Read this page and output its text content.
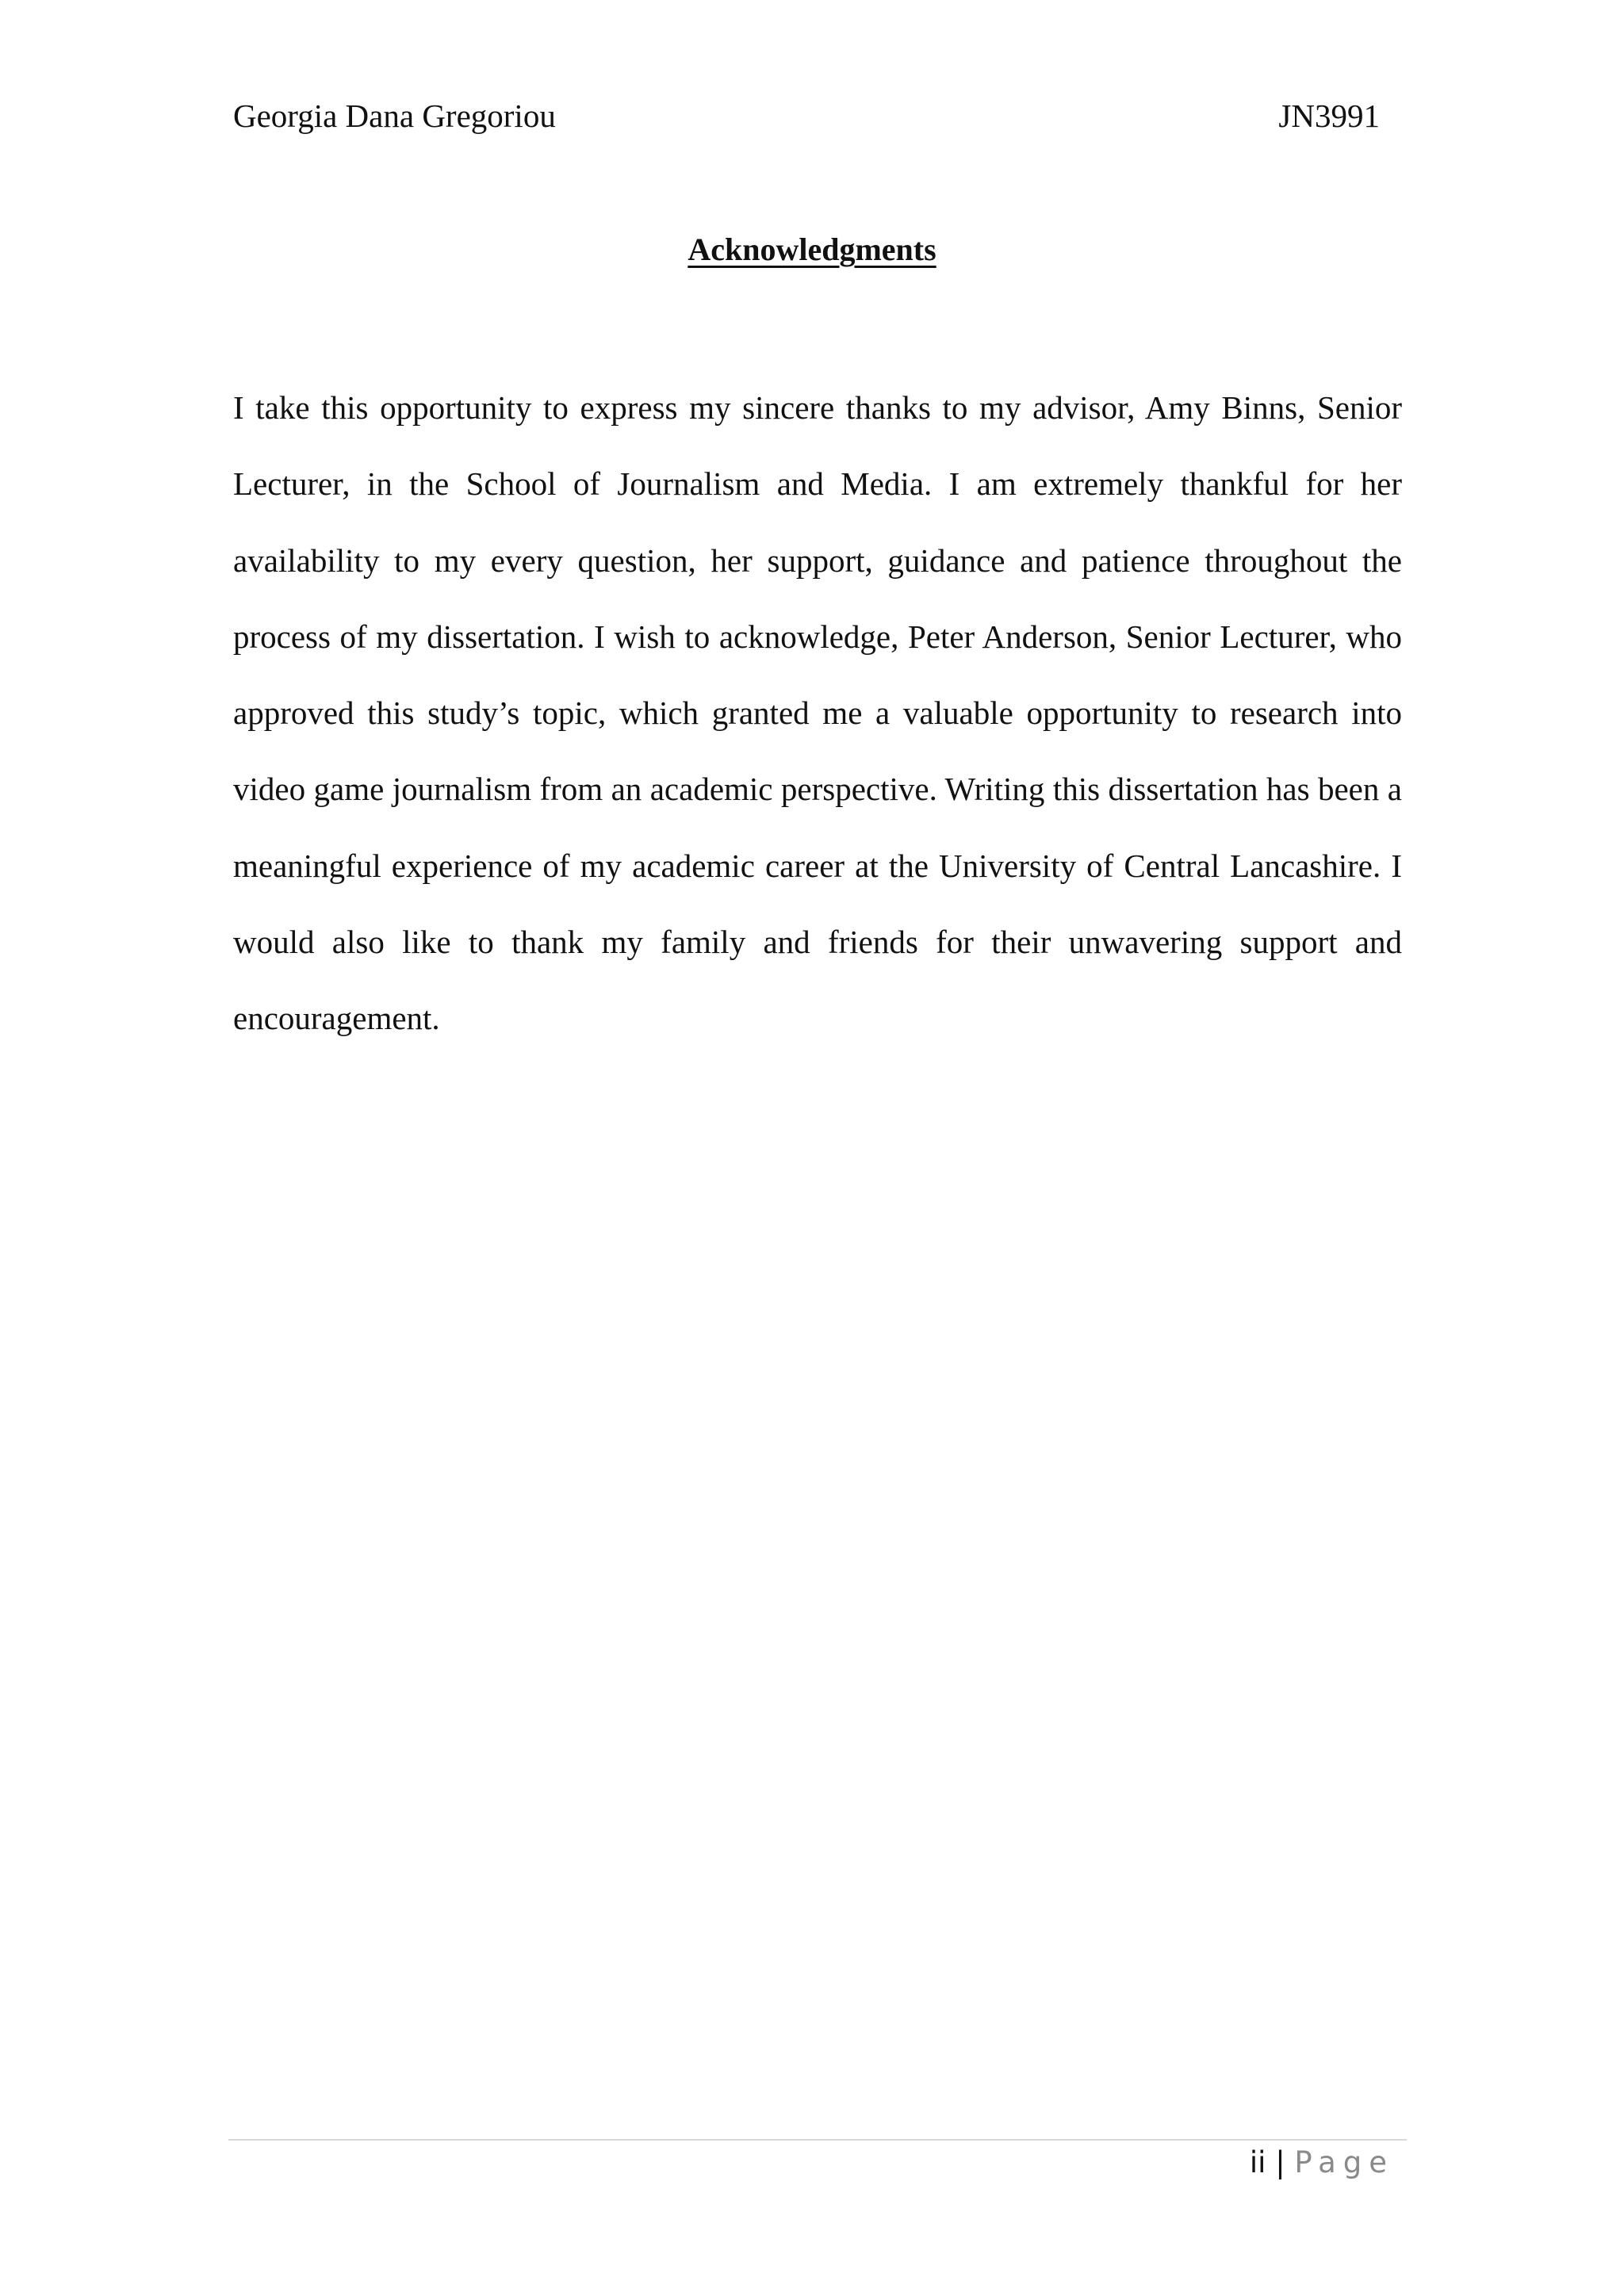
Georgia Dana Gregoriou	JN3991
Acknowledgments

I take this opportunity to express my sincere thanks to my advisor, Amy Binns, Senior Lecturer, in the School of Journalism and Media. I am extremely thankful for her availability to my every question, her support, guidance and patience throughout the process of my dissertation. I wish to acknowledge, Peter Anderson, Senior Lecturer, who approved this study’s topic, which granted me a valuable opportunity to research into video game journalism from an academic perspective. Writing this dissertation has been a meaningful experience of my academic career at the University of Central Lancashire. I would also like to thank my family and friends for their unwavering support and encouragement.

ii | Page
